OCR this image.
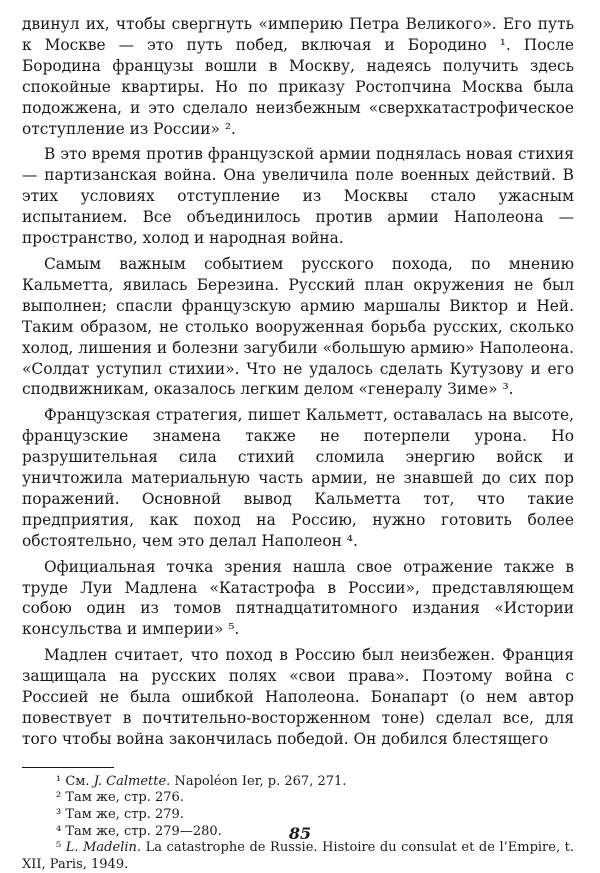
двинул их, чтобы свергнуть «империю Петра Великого». Его путь к Москве — это путь побед, включая и Бородино ¹. После Бородина французы вошли в Москву, надеясь получить здесь спокойные квартиры. Но по приказу Ростопчина Москва была подожжена, и это сделало неизбежным «сверхкатастрофическое отступление из России» ².

В это время против французской армии поднялась новая стихия — партизанская война. Она увеличила поле военных действий. В этих условиях отступление из Москвы стало ужасным испытанием. Все объединилось против армии Наполеона — пространство, холод и народная война.

Самым важным событием русского похода, по мнению Кальметта, явилась Березина. Русский план окружения не был выполнен; спасли французскую армию маршалы Виктор и Ней. Таким образом, не столько вооруженная борьба русских, сколько холод, лишения и болезни загубили «большую армию» Наполеона. «Солдат уступил стихии». Что не удалось сделать Кутузову и его сподвижникам, оказалось легким делом «генералу Зиме» ³.

Французская стратегия, пишет Кальметт, оставалась на высоте, французские знамена также не потерпели урона. Но разрушительная сила стихий сломила энергию войск и уничтожила материальную часть армии, не знавшей до сих пор поражений. Основной вывод Кальметта тот, что такие предприятия, как поход на Россию, нужно готовить более обстоятельно, чем это делал Наполеон ⁴.

Официальная точка зрения нашла свое отражение также в труде Луи Мадлена «Катастрофа в России», представляющем собою один из томов пятнадцатитомного издания «Истории консульства и империи» ⁵.

Мадлен считает, что поход в Россию был неизбежен. Франция защищала на русских полях «свои права». Поэтому война с Россией не была ошибкой Наполеона. Бонапарт (о нем автор повествует в почтительно-восторженном тоне) сделал все, для того чтобы война закончилась победой. Он добился блестящего

¹ См. J. Calmette. Napoléon Ier, p. 267, 271.

² Там же, стр. 276.

³ Там же, стр. 279.

⁴ Там же, стр. 279—280.

⁵ L. Madelin. La catastrophe de Russie. Histoire du consulat et de l’Empire, t. XII, Paris, 1949.

85
